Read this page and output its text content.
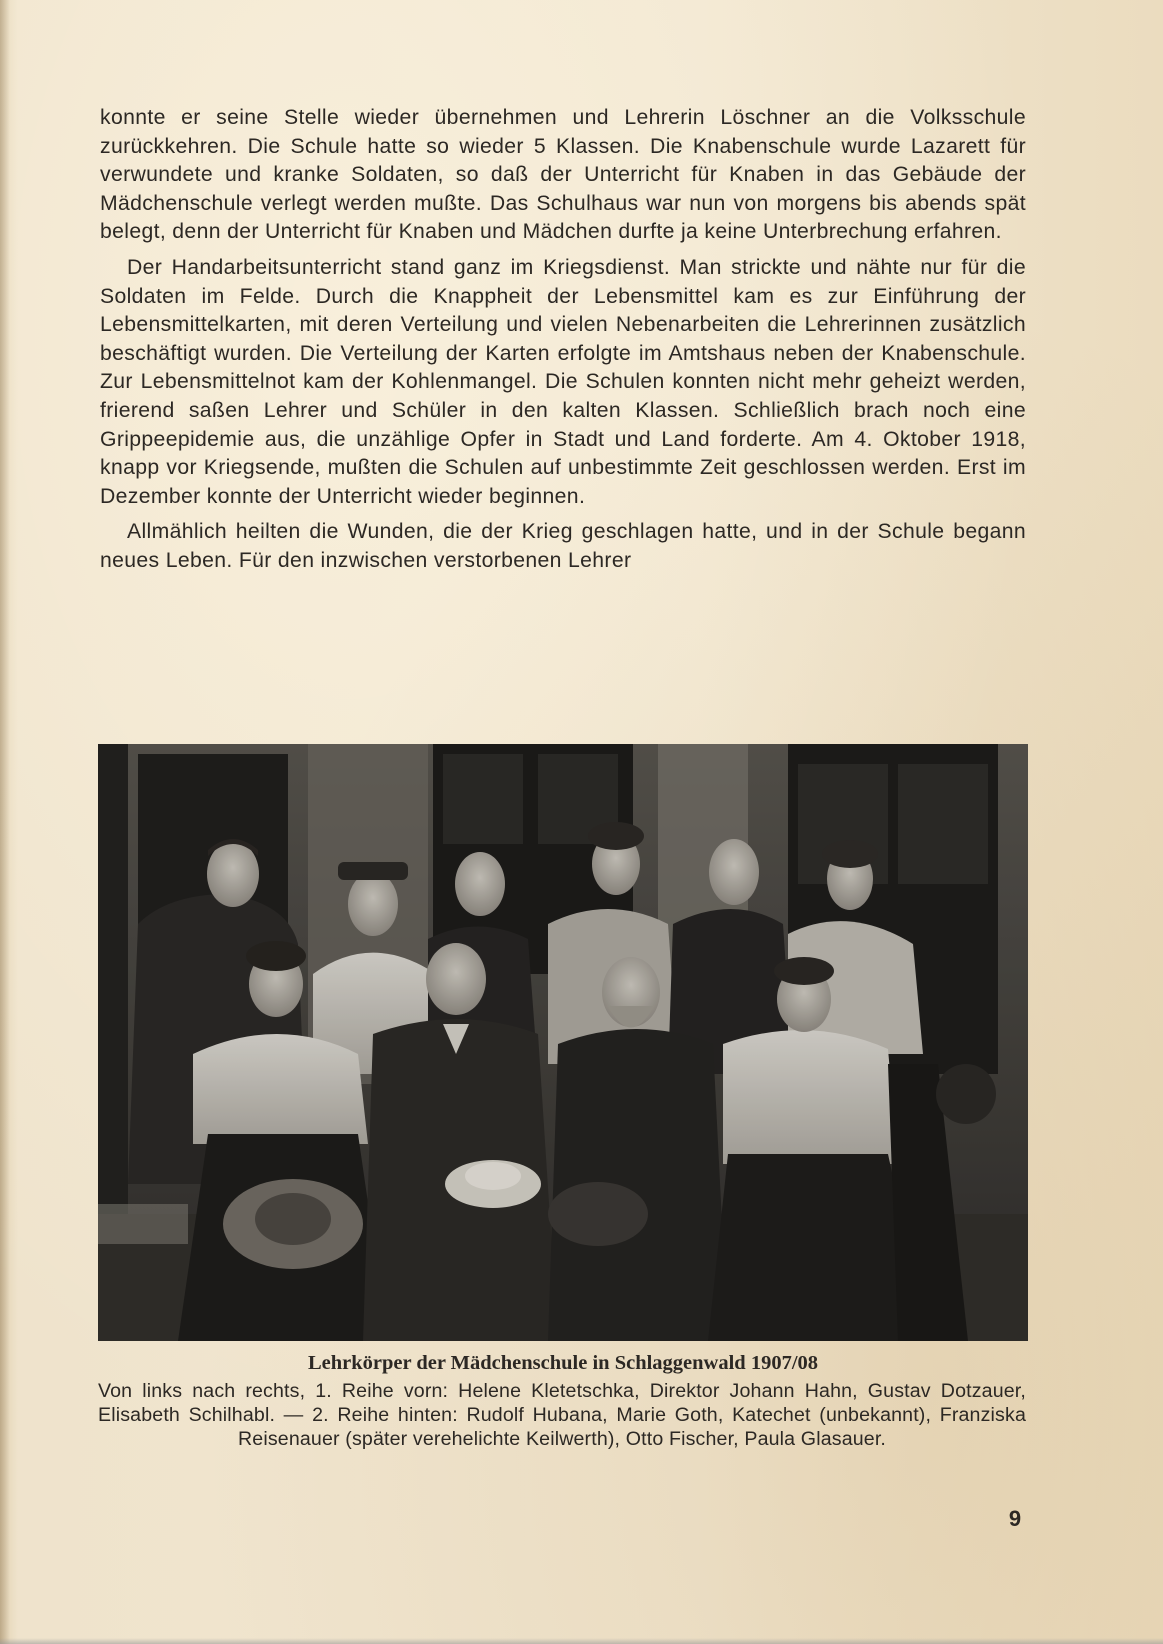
konnte er seine Stelle wieder übernehmen und Lehrerin Löschner an die Volksschule zurückkehren. Die Schule hatte so wieder 5 Klassen. Die Knabenschule wurde Lazarett für verwundete und kranke Soldaten, so daß der Unterricht für Knaben in das Gebäude der Mädchenschule verlegt werden mußte. Das Schulhaus war nun von morgens bis abends spät belegt, denn der Unterricht für Knaben und Mädchen durfte ja keine Unterbrechung erfahren.

Der Handarbeitsunterricht stand ganz im Kriegsdienst. Man strickte und nähte nur für die Soldaten im Felde. Durch die Knappheit der Lebensmittel kam es zur Einführung der Lebensmittelkarten, mit deren Verteilung und vielen Nebenarbeiten die Lehrerinnen zusätzlich beschäftigt wurden. Die Verteilung der Karten erfolgte im Amtshaus neben der Knabenschule. Zur Lebensmittelnot kam der Kohlenmangel. Die Schulen konnten nicht mehr geheizt werden, frierend saßen Lehrer und Schüler in den kalten Klassen. Schließlich brach noch eine Grippeepidemie aus, die unzählige Opfer in Stadt und Land forderte. Am 4. Oktober 1918, knapp vor Kriegsende, mußten die Schulen auf unbestimmte Zeit geschlossen werden. Erst im Dezember konnte der Unterricht wieder beginnen.

Allmählich heilten die Wunden, die der Krieg geschlagen hatte, und in der Schule begann neues Leben. Für den inzwischen verstorbenen Lehrer

Lehrkörper der Mädchenschule in Schlaggenwald 1907/08
Von links nach rechts, 1. Reihe vorn: Helene Kletetschka, Direktor Johann Hahn, Gustav Dotzauer, Elisabeth Schilhabl. — 2. Reihe hinten: Rudolf Hubana, Marie Goth, Katechet (unbekannt), Franziska Reisenauer (später verehelichte Keilwerth), Otto Fischer, Paula Glasauer.
9
